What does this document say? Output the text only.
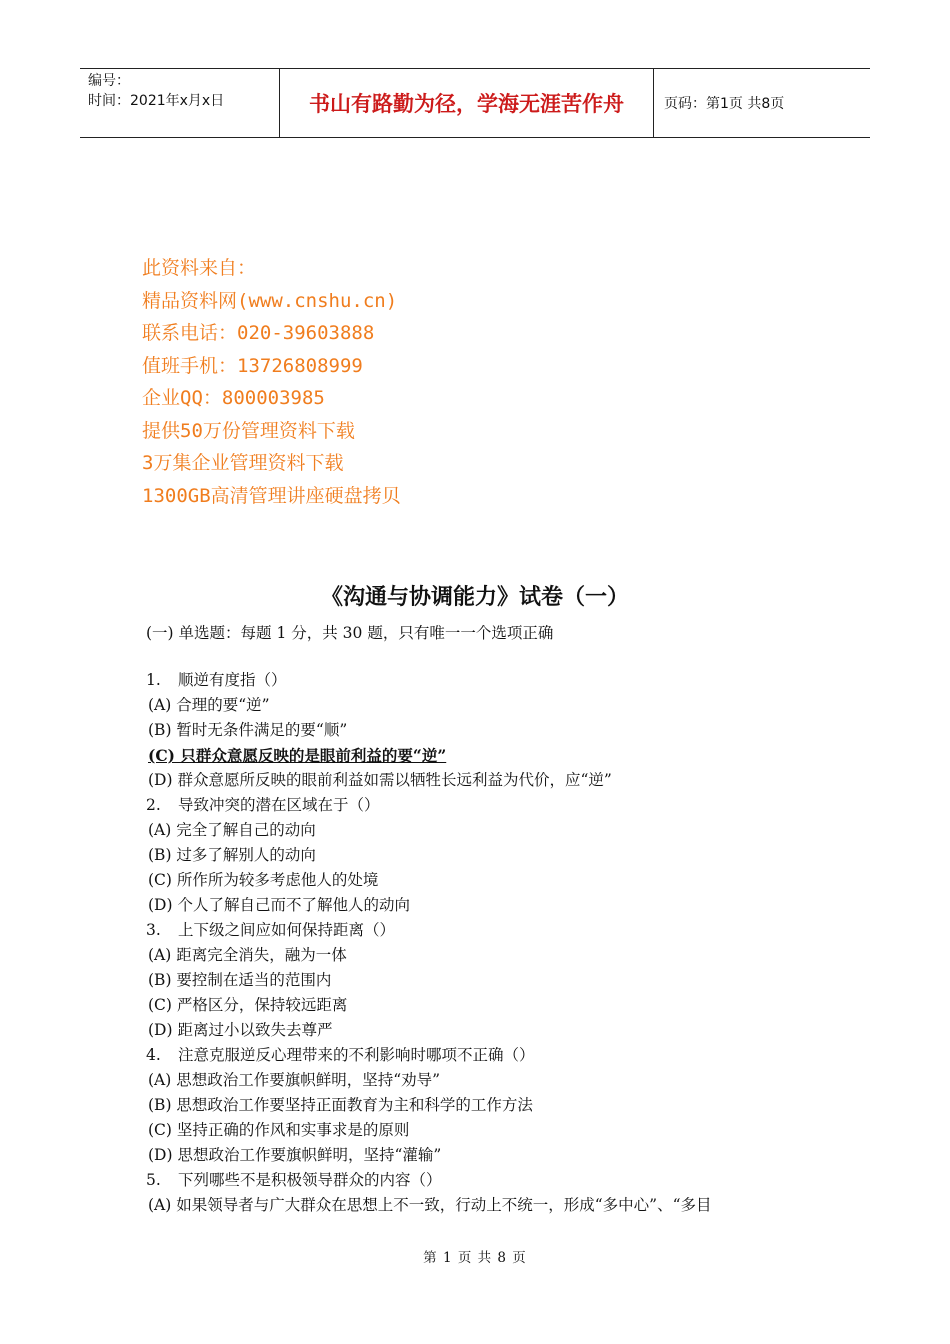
编号：
时间：2021年x月x日	书山有路勤为径，学海无涯苦作舟	页码：第1页 共8页
此资料来自：
精品资料网(www.cnshu.cn)
联系电话：020-39603888
值班手机：13726808999
企业QQ：800003985
提供50万份管理资料下载
3万集企业管理资料下载
1300GB高清管理讲座硬盘拷贝
《沟通与协调能力》试卷（一）
(一) 单选题：每题 1 分，共 30 题，只有唯一一个选项正确
1. 顺逆有度指（）
(A) 合理的要“逆”
(B) 暂时无条件满足的要“顺”
(C) 只群众意愿反映的是眼前利益的要“逆”
(D) 群众意愿所反映的眼前利益如需以牺牲长远利益为代价，应“逆”
2. 导致冲突的潜在区域在于（）
(A) 完全了解自己的动向
(B) 过多了解别人的动向
(C) 所作所为较多考虑他人的处境
(D) 个人了解自己而不了解他人的动向
3. 上下级之间应如何保持距离（）
(A) 距离完全消失，融为一体
(B) 要控制在适当的范围内
(C) 严格区分，保持较远距离
(D) 距离过小以致失去尊严
4. 注意克服逆反心理带来的不利影响时哪项不正确（）
(A) 思想政治工作要旗帜鲜明，坚持“劝导”
(B) 思想政治工作要坚持正面教育为主和科学的工作方法
(C) 坚持正确的作风和实事求是的原则
(D) 思想政治工作要旗帜鲜明，坚持“灌输”
5. 下列哪些不是积极领导群众的内容（）
(A) 如果领导者与广大群众在思想上不一致，行动上不统一，形成“多中心”、“多目
第 1 页 共 8 页
